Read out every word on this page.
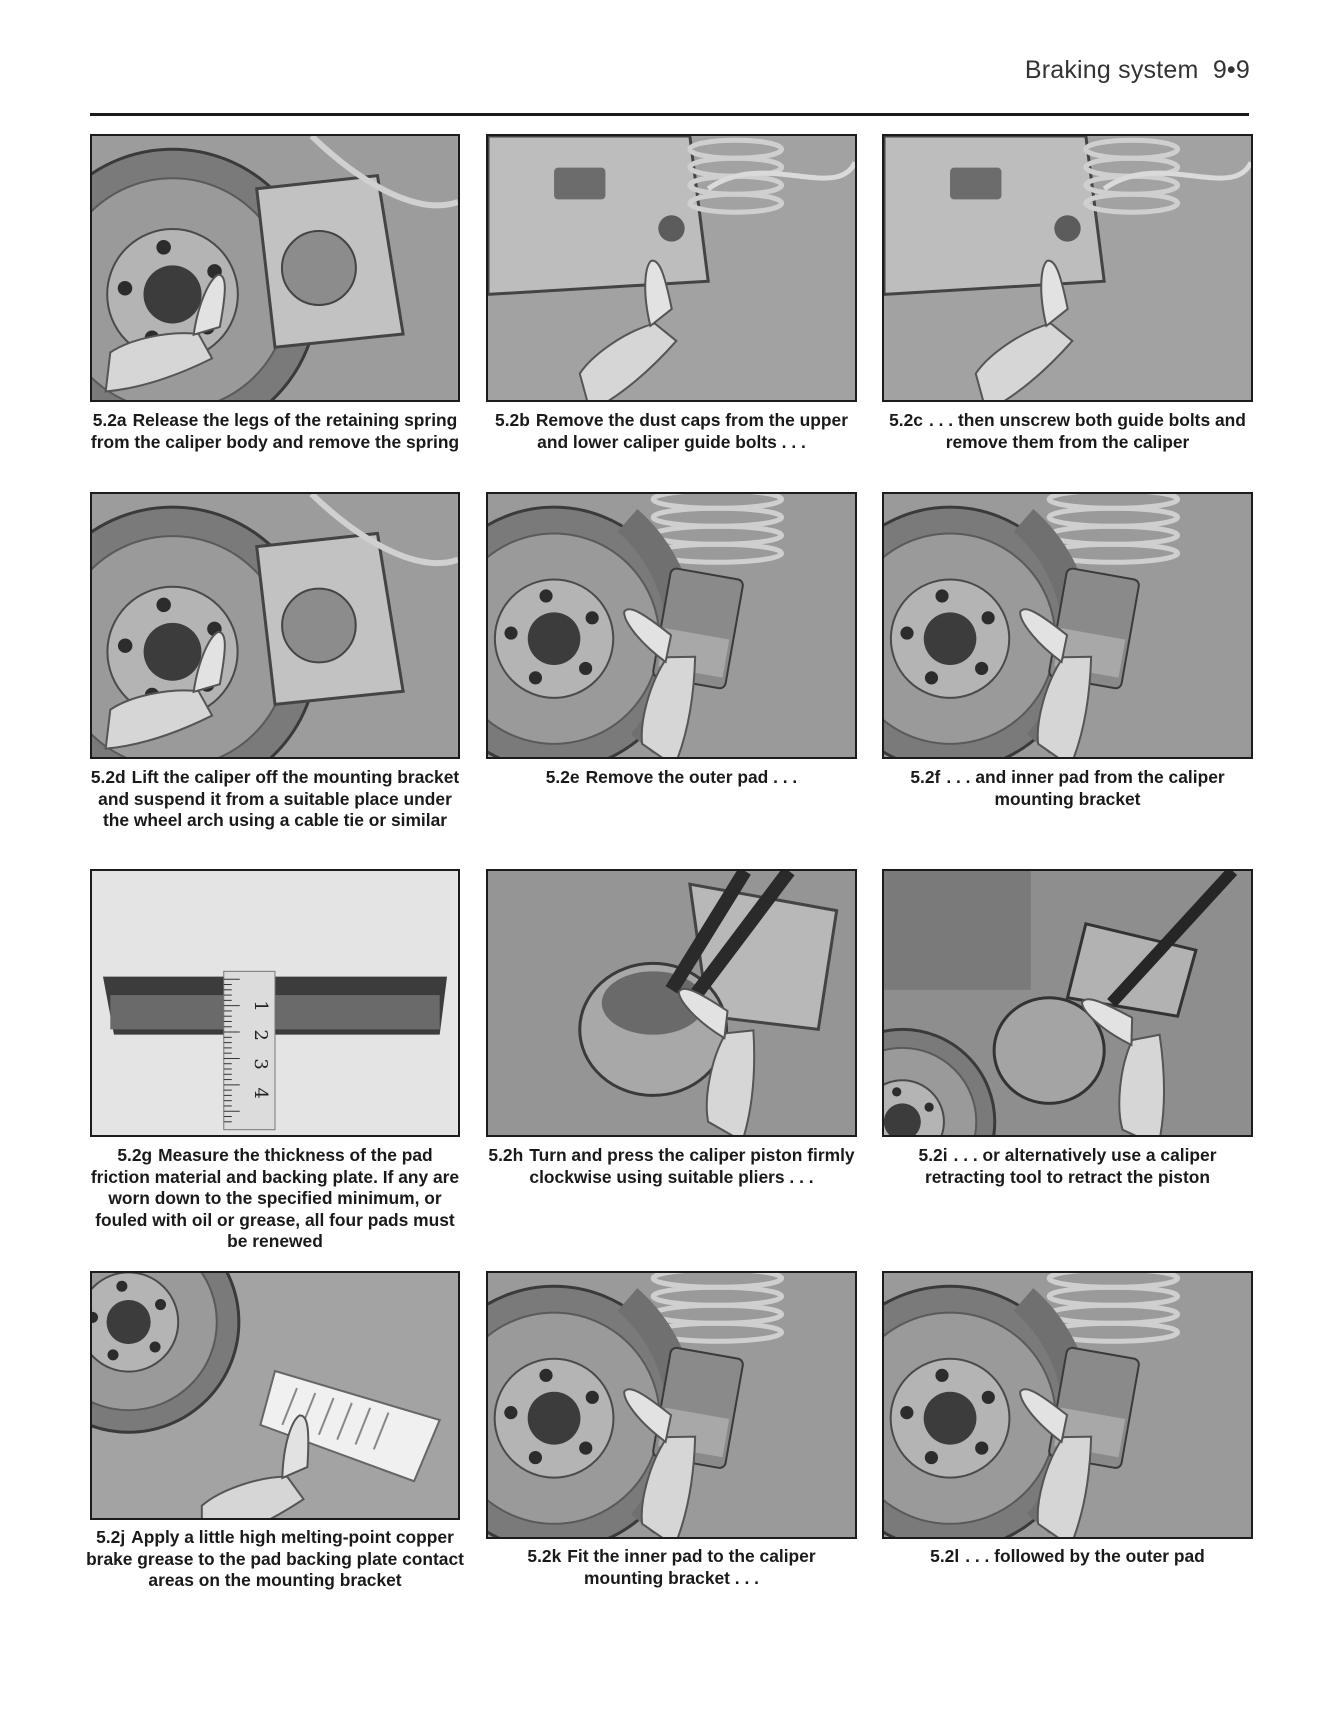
Braking system 9•9
5.2a Release the legs of the retaining spring from the caliper body and remove the spring
5.2b Remove the dust caps from the upper and lower caliper guide bolts . . .
5.2c . . . then unscrew both guide bolts and remove them from the caliper
5.2d Lift the caliper off the mounting bracket and suspend it from a suitable place under the wheel arch using a cable tie or similar
5.2e Remove the outer pad . . .	5.2f . . . and inner pad from the caliper mounting bracket
1
2
3
4
5.2g Measure the thickness of the pad friction material and backing plate. If any are worn down to the specified minimum, or fouled with oil or grease, all four pads must be renewed
5.2h Turn and press the caliper piston firmly clockwise using suitable pliers . . .
5.2i . . . or alternatively use a caliper retracting tool to retract the piston
5.2j Apply a little high melting-point copper brake grease to the pad backing plate contact areas on the mounting bracket
5.2k Fit the inner pad to the caliper mounting bracket . . .
5.2l . . . followed by the outer pad
